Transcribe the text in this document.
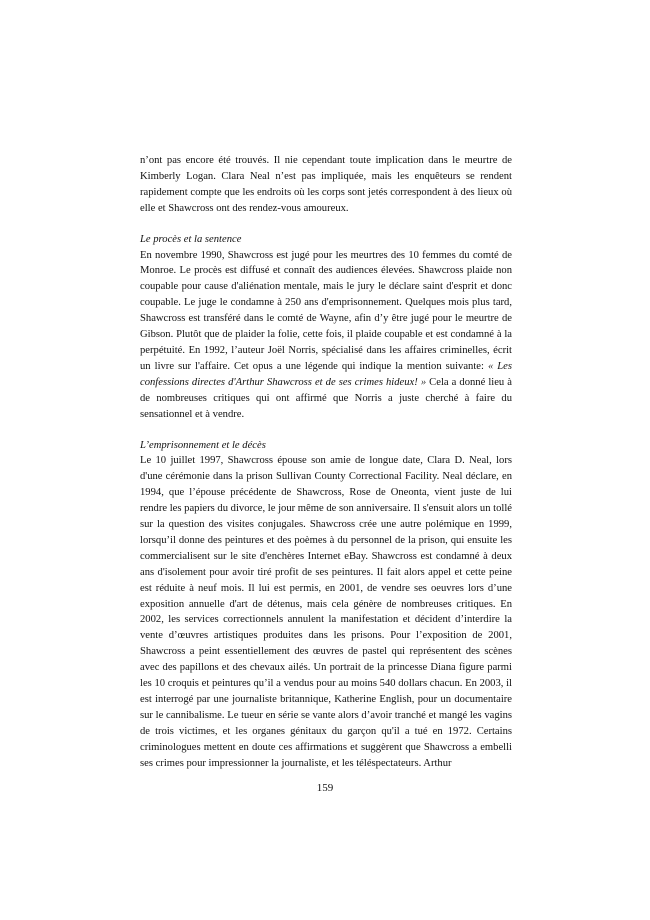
n’ont pas encore été trouvés. Il nie cependant toute implication dans le meurtre de Kimberly Logan. Clara Neal n’est pas impliquée, mais les enquêteurs se rendent rapidement compte que les endroits où les corps sont jetés correspondent à des lieux où elle et Shawcross ont des rendez-vous amoureux.

Le procès et la sentence

En novembre 1990, Shawcross est jugé pour les meurtres des 10 femmes du comté de Monroe. Le procès est diffusé et connaît des audiences élevées. Shawcross plaide non coupable pour cause d'aliénation mentale, mais le jury le déclare saint d'esprit et donc coupable. Le juge le condamne à 250 ans d'emprisonnement. Quelques mois plus tard, Shawcross est transféré dans le comté de Wayne, afin d’y être jugé pour le meurtre de Gibson. Plutôt que de plaider la folie, cette fois, il plaide coupable et est condamné à la perpétuité. En 1992, l’auteur Joël Norris, spécialisé dans les affaires criminelles, écrit un livre sur l'affaire. Cet opus a une légende qui indique la mention suivante: « Les confessions directes d'Arthur Shawcross et de ses crimes hideux! » Cela a donné lieu à de nombreuses critiques qui ont affirmé que Norris a juste cherché à faire du sensationnel et à vendre.

L’emprisonnement et le décès

Le 10 juillet 1997, Shawcross épouse son amie de longue date, Clara D. Neal, lors d'une cérémonie dans la prison Sullivan County Correctional Facility. Neal déclare, en 1994, que l’épouse précédente de Shawcross, Rose de Oneonta, vient juste de lui rendre les papiers du divorce, le jour même de son anniversaire. Il s'ensuit alors un tollé sur la question des visites conjugales. Shawcross crée une autre polémique en 1999, lorsqu’il donne des peintures et des poèmes à du personnel de la prison, qui ensuite les commercialisent sur le site d'enchères Internet eBay. Shawcross est condamné à deux ans d'isolement pour avoir tiré profit de ses peintures. Il fait alors appel et cette peine est réduite à neuf mois. Il lui est permis, en 2001, de vendre ses oeuvres lors d’une exposition annuelle d'art de détenus, mais cela génère de nombreuses critiques. En 2002, les services correctionnels annulent la manifestation et décident d’interdire la vente d’œuvres artistiques produites dans les prisons. Pour l’exposition de 2001, Shawcross a peint essentiellement des œuvres de pastel qui représentent des scènes avec des papillons et des chevaux ailés. Un portrait de la princesse Diana figure parmi les 10 croquis et peintures qu’il a vendus pour au moins 540 dollars chacun. En 2003, il est interrogé par une journaliste britannique, Katherine English, pour un documentaire sur le cannibalisme. Le tueur en série se vante alors d’avoir tranché et mangé les vagins de trois victimes, et les organes génitaux du garçon qu'il a tué en 1972. Certains criminologues mettent en doute ces affirmations et suggèrent que Shawcross a embelli ses crimes pour impressionner la journaliste, et les téléspectateurs. Arthur

159
